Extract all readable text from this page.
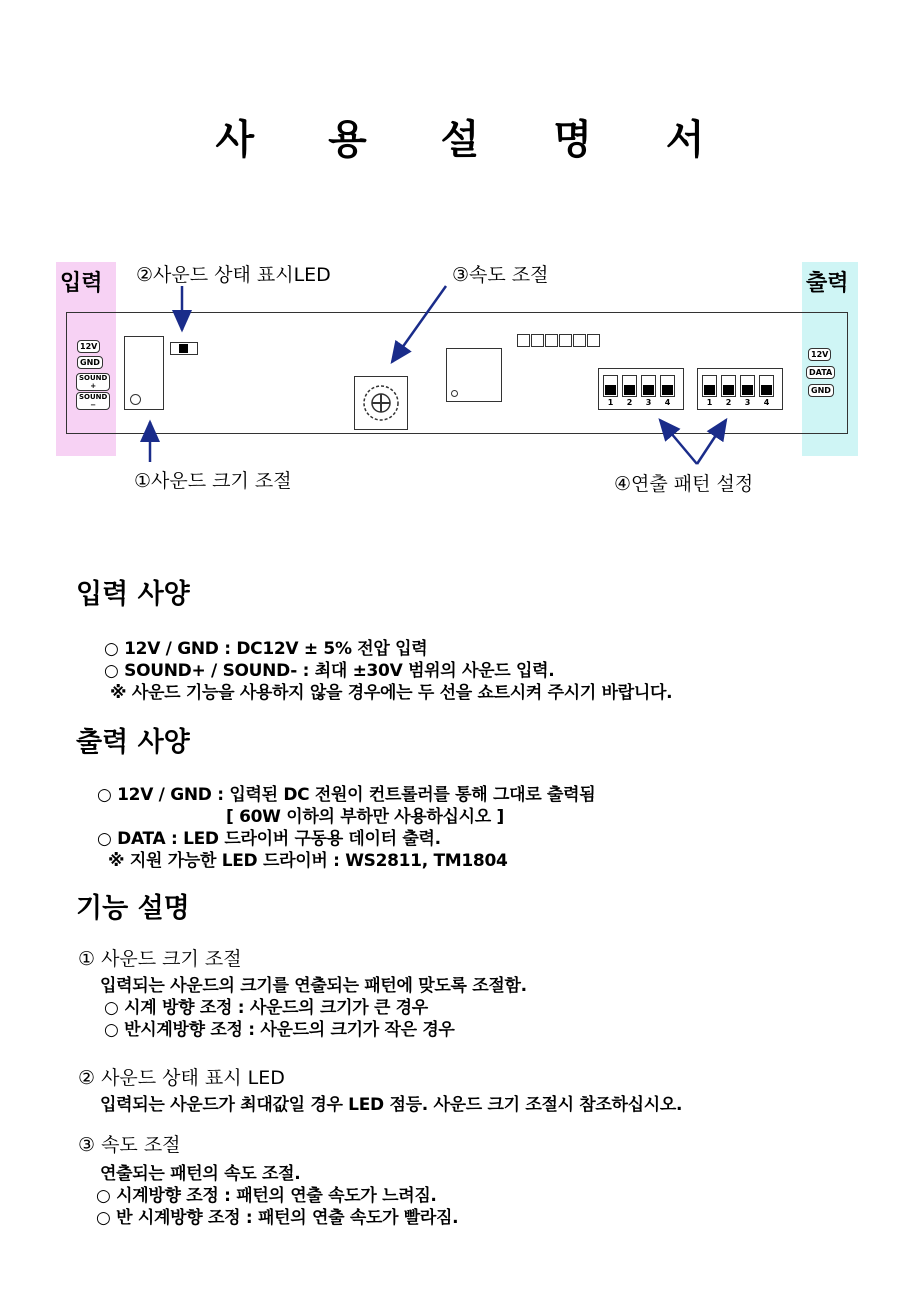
사 용 설 명 서
입력	출력
12V
GND
SOUND
+
SOUND
−
12V
DATA
GND
1	2	3	4	1	2	3	4
②사운드 상태 표시LED	③속도 조절
①사운드 크기 조절	④연출 패턴 설정
입력 사양
○ 12V / GND : DC12V ± 5% 전압 입력
○ SOUND+ / SOUND- : 최대 ±30V 범위의 사운드 입력.
※ 사운드 기능을 사용하지 않을 경우에는 두 선을 쇼트시켜 주시기 바랍니다.
출력 사양
○ 12V / GND : 입력된 DC 전원이 컨트롤러를 통해 그대로 출력됨
[ 60W 이하의 부하만 사용하십시오 ]
○ DATA : LED 드라이버 구동용 데이터 출력.
※ 지원 가능한 LED 드라이버 : WS2811, TM1804
기능 설명
① 사운드 크기 조절
입력되는 사운드의 크기를 연출되는 패턴에 맞도록 조절함.
○ 시계 방향 조정 : 사운드의 크기가 큰 경우
○ 반시계방향 조정 : 사운드의 크기가 작은 경우
② 사운드 상태 표시 LED
입력되는 사운드가 최대값일 경우 LED 점등. 사운드 크기 조절시 참조하십시오.
③ 속도 조절
연출되는 패턴의 속도 조절.
○ 시계방향 조정 : 패턴의 연출 속도가 느려짐.
○ 반 시계방향 조정 : 패턴의 연출 속도가 빨라짐.
